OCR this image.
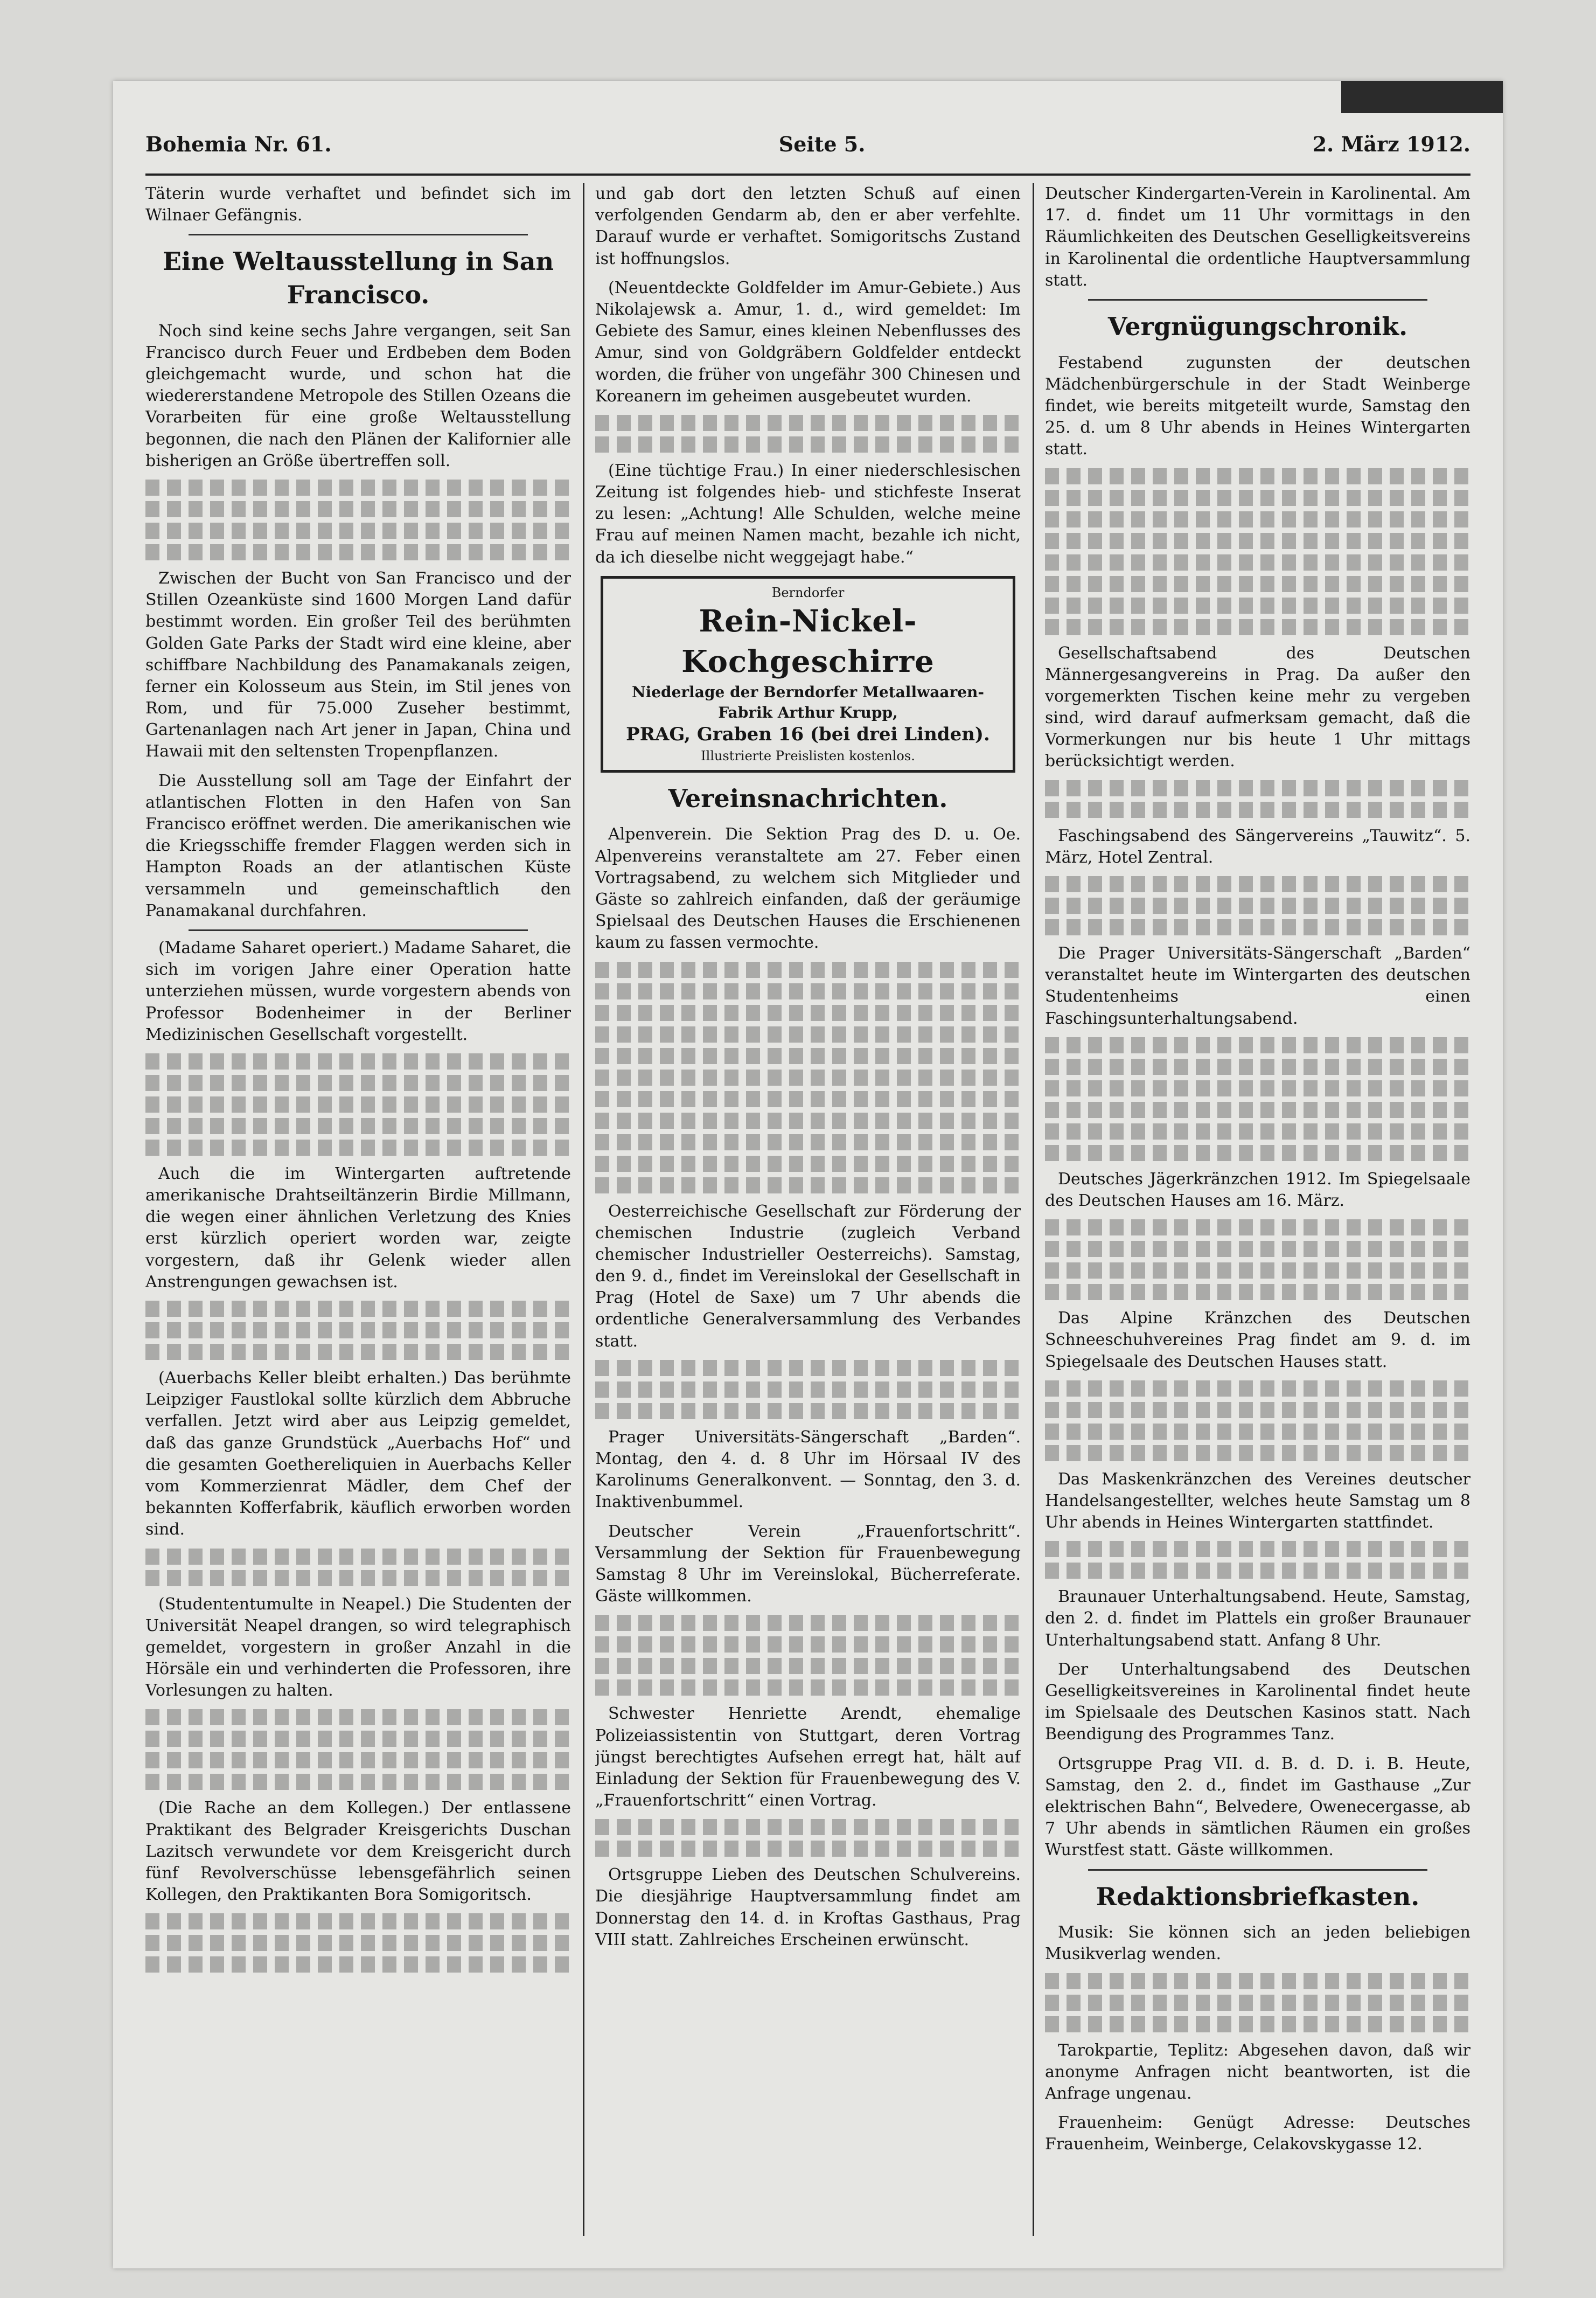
Bohemia Nr. 61.	Seite 5.	2. März 1912.

Täterin wurde verhaftet und befindet sich im Wilnaer Gefängnis.

Eine Weltausstellung in San Francisco.

Noch sind keine sechs Jahre vergangen, seit San Francisco durch Feuer und Erdbeben dem Boden gleichgemacht wurde, und schon hat die wiedererstandene Metropole des Stillen Ozeans die Vorarbeiten für eine große Weltausstellung begonnen, die nach den Plänen der Kalifornier alle bisherigen an Größe übertreffen soll.

Zwischen der Bucht von San Francisco und der Stillen Ozeanküste sind 1600 Morgen Land dafür bestimmt worden. Ein großer Teil des berühmten Golden Gate Parks der Stadt wird eine kleine, aber schiffbare Nachbildung des Panamakanals zeigen, ferner ein Kolosseum aus Stein, im Stil jenes von Rom, und für 75.000 Zuseher bestimmt, Gartenanlagen nach Art jener in Japan, China und Hawaii mit den seltensten Tropenpflanzen.

Die Ausstellung soll am Tage der Einfahrt der atlantischen Flotten in den Hafen von San Francisco eröffnet werden. Die amerikanischen wie die Kriegsschiffe fremder Flaggen werden sich in Hampton Roads an der atlantischen Küste versammeln und gemeinschaftlich den Panamakanal durchfahren.

(Madame Saharet operiert.) Madame Saharet, die sich im vorigen Jahre einer Operation hatte unterziehen müssen, wurde vorgestern abends von Professor Bodenheimer in der Berliner Medizinischen Gesellschaft vorgestellt.

Auch die im Wintergarten auftretende amerikanische Drahtseiltänzerin Birdie Millmann, die wegen einer ähnlichen Verletzung des Knies erst kürzlich operiert worden war, zeigte vorgestern, daß ihr Gelenk wieder allen Anstrengungen gewachsen ist.

(Auerbachs Keller bleibt erhalten.) Das berühmte Leipziger Faustlokal sollte kürzlich dem Abbruche verfallen. Jetzt wird aber aus Leipzig gemeldet, daß das ganze Grundstück „Auerbachs Hof“ und die gesamten Goethereliquien in Auerbachs Keller vom Kommerzienrat Mädler, dem Chef der bekannten Kofferfabrik, käuflich erworben worden sind.

(Studententumulte in Neapel.) Die Studenten der Universität Neapel drangen, so wird telegraphisch gemeldet, vorgestern in großer Anzahl in die Hörsäle ein und verhinderten die Professoren, ihre Vorlesungen zu halten.

(Die Rache an dem Kollegen.) Der entlassene Praktikant des Belgrader Kreisgerichts Duschan Lazitsch verwundete vor dem Kreisgericht durch fünf Revolverschüsse lebensgefährlich seinen Kollegen, den Praktikanten Bora Somigoritsch.

und gab dort den letzten Schuß auf einen verfolgenden Gendarm ab, den er aber verfehlte. Darauf wurde er verhaftet. Somigoritschs Zustand ist hoffnungslos.

(Neuentdeckte Goldfelder im Amur-Gebiete.) Aus Nikolajewsk a. Amur, 1. d., wird gemeldet: Im Gebiete des Samur, eines kleinen Nebenflusses des Amur, sind von Goldgräbern Goldfelder entdeckt worden, die früher von ungefähr 300 Chinesen und Koreanern im geheimen ausgebeutet wurden.

(Eine tüchtige Frau.) In einer niederschlesischen Zeitung ist folgendes hieb- und stichfeste Inserat zu lesen: „Achtung! Alle Schulden, welche meine Frau auf meinen Namen macht, bezahle ich nicht, da ich dieselbe nicht weggejagt habe.“

Berndorfer
Rein-Nickel-Kochgeschirre
Niederlage der Berndorfer Metallwaaren-Fabrik Arthur Krupp,
PRAG, Graben 16 (bei drei Linden).
Illustrierte Preislisten kostenlos.
Vereinsnachrichten.

Alpenverein. Die Sektion Prag des D. u. Oe. Alpenvereins veranstaltete am 27. Feber einen Vortragsabend, zu welchem sich Mitglieder und Gäste so zahlreich einfanden, daß der geräumige Spielsaal des Deutschen Hauses die Erschienenen kaum zu fassen vermochte.

Oesterreichische Gesellschaft zur Förderung der chemischen Industrie (zugleich Verband chemischer Industrieller Oesterreichs). Samstag, den 9. d., findet im Vereinslokal der Gesellschaft in Prag (Hotel de Saxe) um 7 Uhr abends die ordentliche Generalversammlung des Verbandes statt.

Prager Universitäts-Sängerschaft „Barden“. Montag, den 4. d. 8 Uhr im Hörsaal IV des Karolinums Generalkonvent. — Sonntag, den 3. d. Inaktivenbummel.

Deutscher Verein „Frauenfortschritt“. Versammlung der Sektion für Frauenbewegung Samstag 8 Uhr im Vereinslokal, Bücherreferate. Gäste willkommen.

Schwester Henriette Arendt, ehemalige Polizeiassistentin von Stuttgart, deren Vortrag jüngst berechtigtes Aufsehen erregt hat, hält auf Einladung der Sektion für Frauenbewegung des V. „Frauenfortschritt“ einen Vortrag.

Ortsgruppe Lieben des Deutschen Schulvereins. Die diesjährige Hauptversammlung findet am Donnerstag den 14. d. in Kroftas Gasthaus, Prag VIII statt. Zahlreiches Erscheinen erwünscht.

Deutscher Kindergarten-Verein in Karolinental. Am 17. d. findet um 11 Uhr vormittags in den Räumlichkeiten des Deutschen Geselligkeitsvereins in Karolinental die ordentliche Hauptversammlung statt.

Vergnügungschronik.

Festabend zugunsten der deutschen Mädchenbürgerschule in der Stadt Weinberge findet, wie bereits mitgeteilt wurde, Samstag den 25. d. um 8 Uhr abends in Heines Wintergarten statt.

Gesellschaftsabend des Deutschen Männergesangvereins in Prag. Da außer den vorgemerkten Tischen keine mehr zu vergeben sind, wird darauf aufmerksam gemacht, daß die Vormerkungen nur bis heute 1 Uhr mittags berücksichtigt werden.

Faschingsabend des Sängervereins „Tauwitz“. 5. März, Hotel Zentral.

Die Prager Universitäts-Sängerschaft „Barden“ veranstaltet heute im Wintergarten des deutschen Studentenheims einen Faschingsunterhaltungsabend.

Deutsches Jägerkränzchen 1912. Im Spiegelsaale des Deutschen Hauses am 16. März.

Das Alpine Kränzchen des Deutschen Schneeschuhvereines Prag findet am 9. d. im Spiegelsaale des Deutschen Hauses statt.

Das Maskenkränzchen des Vereines deutscher Handelsangestellter, welches heute Samstag um 8 Uhr abends in Heines Wintergarten stattfindet.

Braunauer Unterhaltungsabend. Heute, Samstag, den 2. d. findet im Plattels ein großer Braunauer Unterhaltungsabend statt. Anfang 8 Uhr.

Der Unterhaltungsabend des Deutschen Geselligkeitsvereines in Karolinental findet heute im Spielsaale des Deutschen Kasinos statt. Nach Beendigung des Programmes Tanz.

Ortsgruppe Prag VII. d. B. d. D. i. B. Heute, Samstag, den 2. d., findet im Gasthause „Zur elektrischen Bahn“, Belvedere, Owenecergasse, ab 7 Uhr abends in sämtlichen Räumen ein großes Wurstfest statt. Gäste willkommen.

Redaktionsbriefkasten.

Musik: Sie können sich an jeden beliebigen Musikverlag wenden.

Tarokpartie, Teplitz: Abgesehen davon, daß wir anonyme Anfragen nicht beantworten, ist die Anfrage ungenau.

Frauenheim: Genügt Adresse: Deutsches Frauenheim, Weinberge, Celakovskygasse 12.
